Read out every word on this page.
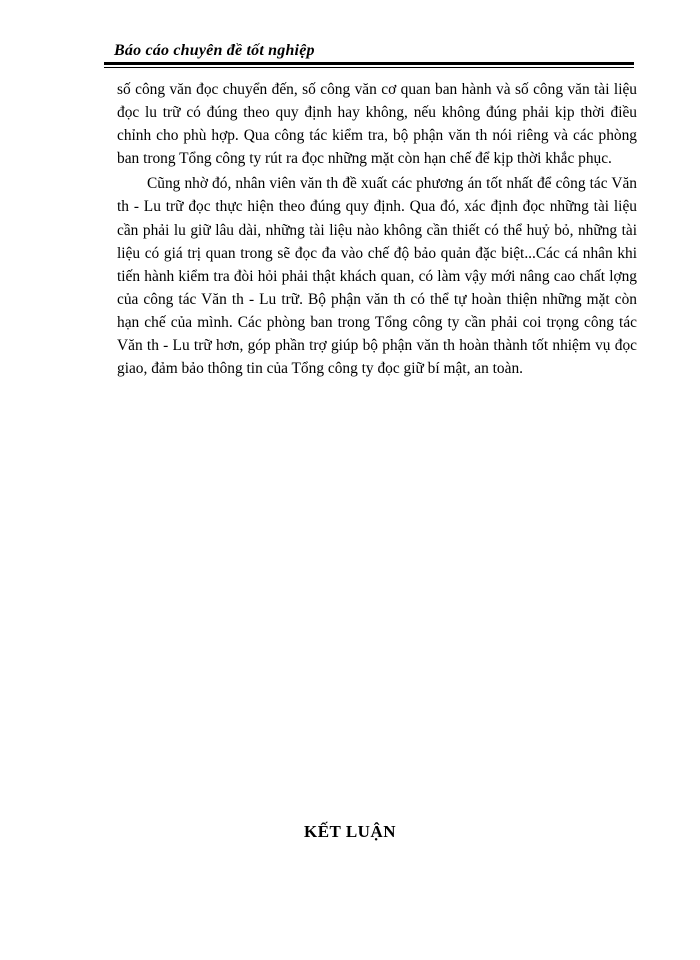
Báo cáo chuyên đề tốt nghiệp

số công văn đọc chuyển đến, số công văn cơ quan ban hành và số công văn tài liệu đọc lu trữ có đúng theo quy định hay không, nếu không đúng phải kịp thời điều chỉnh cho phù hợp. Qua công tác kiểm tra, bộ phận văn th nói riêng và các phòng ban trong Tổng công ty rút ra đọc những mặt còn hạn chế để kịp thời khắc phục.

Cũng nhờ đó, nhân viên văn th đề xuất các phương án tốt nhất để công tác Văn th - Lu trữ đọc thực hiện theo đúng quy định. Qua đó, xác định đọc những tài liệu cần phải lu giữ lâu dài, những tài liệu nào không cần thiết có thể huỷ bỏ, những tài liệu có giá trị quan trong sẽ đọc đa vào chế độ bảo quản đặc biệt...Các cá nhân khi tiến hành kiểm tra đòi hỏi phải thật khách quan, có làm vậy mới nâng cao chất lợng của công tác Văn th - Lu trữ. Bộ phận văn th có thể tự hoàn thiện những mặt còn hạn chế của mình. Các phòng ban trong Tổng công ty cần phải coi trọng công tác Văn th - Lu trữ hơn, góp phần trợ giúp bộ phận văn th hoàn thành tốt nhiệm vụ đọc giao, đảm bảo thông tin của Tổng công ty đọc giữ bí mật, an toàn.

KẾT LUẬN
